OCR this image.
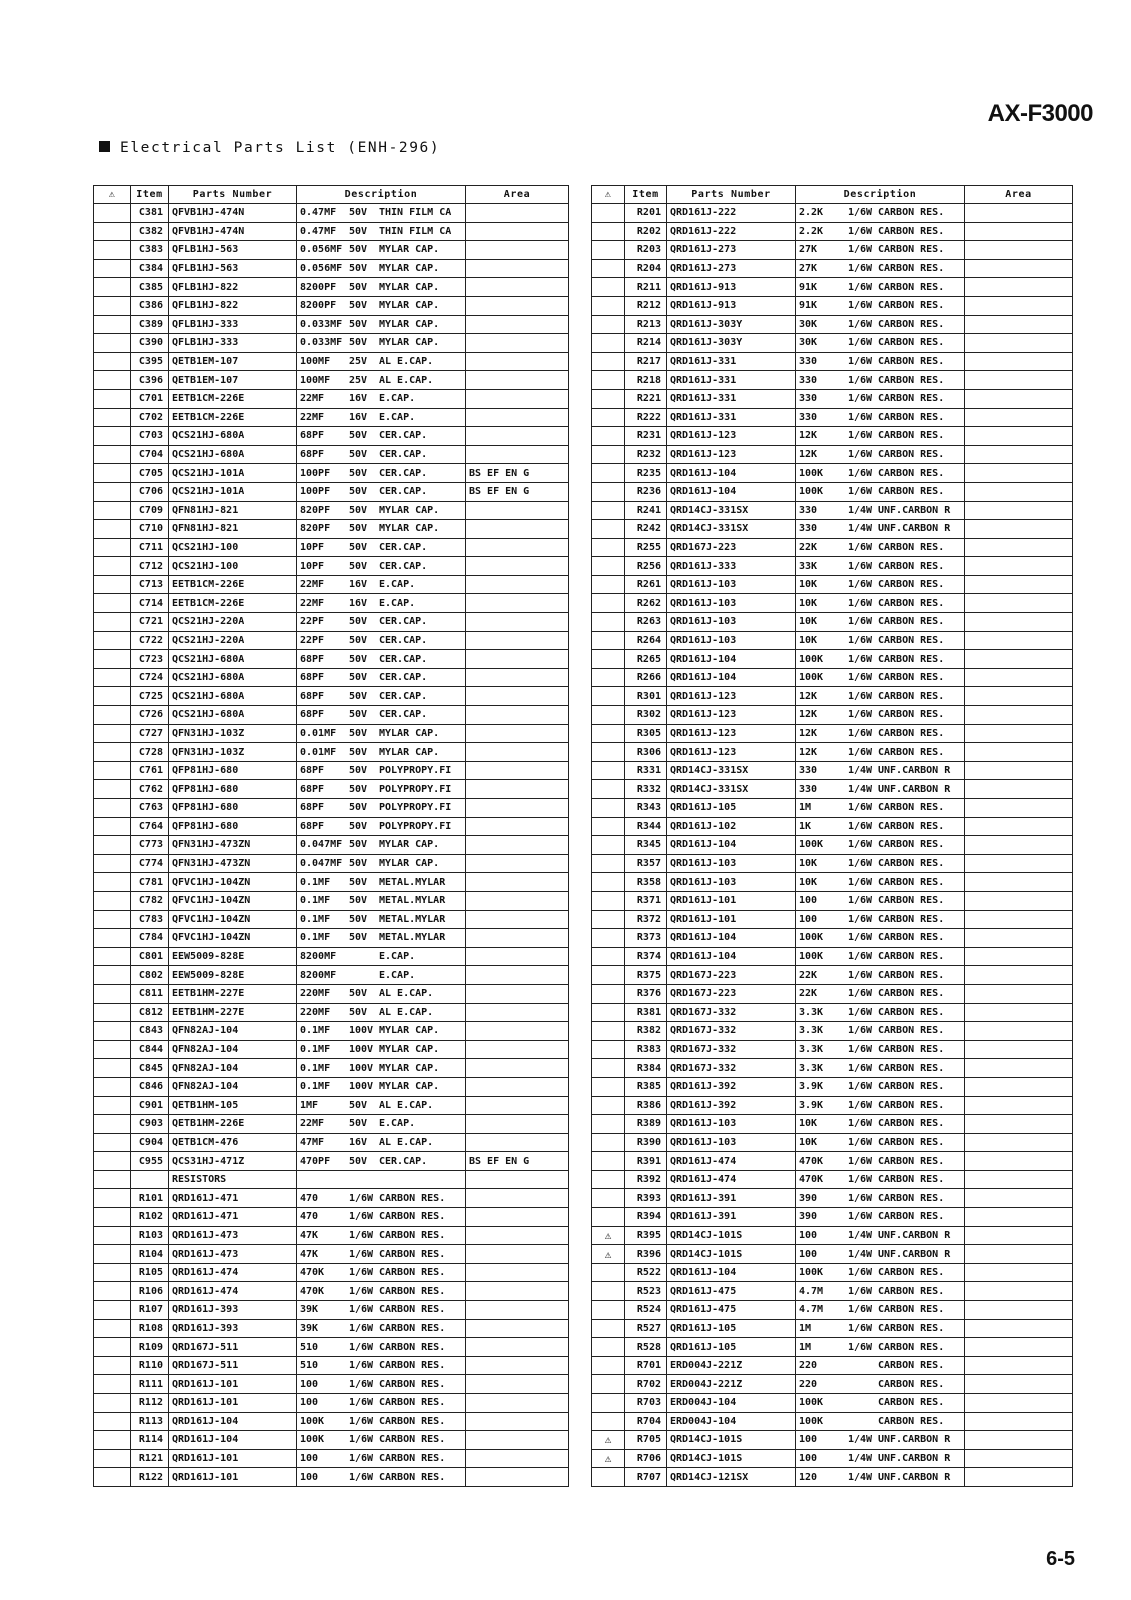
AX-F3000
Electrical Parts List (ENH-296)
⚠	Item	Parts Number	Description	Area
	C381	QFVB1HJ-474N	0.47MF 50V THIN FILM CA	
	C382	QFVB1HJ-474N	0.47MF 50V THIN FILM CA	
	C383	QFLB1HJ-563	0.056MF 50V MYLAR CAP.	
	C384	QFLB1HJ-563	0.056MF 50V MYLAR CAP.	
	C385	QFLB1HJ-822	8200PF 50V MYLAR CAP.	
	C386	QFLB1HJ-822	8200PF 50V MYLAR CAP.	
	C389	QFLB1HJ-333	0.033MF 50V MYLAR CAP.	
	C390	QFLB1HJ-333	0.033MF 50V MYLAR CAP.	
	C395	QETB1EM-107	100MF 25V AL E.CAP.	
	C396	QETB1EM-107	100MF 25V AL E.CAP.	
	C701	EETB1CM-226E	22MF 16V E.CAP.	
	C702	EETB1CM-226E	22MF 16V E.CAP.	
	C703	QCS21HJ-680A	68PF 50V CER.CAP.	
	C704	QCS21HJ-680A	68PF 50V CER.CAP.	
	C705	QCS21HJ-101A	100PF 50V CER.CAP.	BS EF EN G
	C706	QCS21HJ-101A	100PF 50V CER.CAP.	BS EF EN G
	C709	QFN81HJ-821	820PF 50V MYLAR CAP.	
	C710	QFN81HJ-821	820PF 50V MYLAR CAP.	
	C711	QCS21HJ-100	10PF 50V CER.CAP.	
	C712	QCS21HJ-100	10PF 50V CER.CAP.	
	C713	EETB1CM-226E	22MF 16V E.CAP.	
	C714	EETB1CM-226E	22MF 16V E.CAP.	
	C721	QCS21HJ-220A	22PF 50V CER.CAP.	
	C722	QCS21HJ-220A	22PF 50V CER.CAP.	
	C723	QCS21HJ-680A	68PF 50V CER.CAP.	
	C724	QCS21HJ-680A	68PF 50V CER.CAP.	
	C725	QCS21HJ-680A	68PF 50V CER.CAP.	
	C726	QCS21HJ-680A	68PF 50V CER.CAP.	
	C727	QFN31HJ-103Z	0.01MF 50V MYLAR CAP.	
	C728	QFN31HJ-103Z	0.01MF 50V MYLAR CAP.	
	C761	QFP81HJ-680	68PF 50V POLYPROPY.FI	
	C762	QFP81HJ-680	68PF 50V POLYPROPY.FI	
	C763	QFP81HJ-680	68PF 50V POLYPROPY.FI	
	C764	QFP81HJ-680	68PF 50V POLYPROPY.FI	
	C773	QFN31HJ-473ZN	0.047MF 50V MYLAR CAP.	
	C774	QFN31HJ-473ZN	0.047MF 50V MYLAR CAP.	
	C781	QFVC1HJ-104ZN	0.1MF 50V METAL.MYLAR	
	C782	QFVC1HJ-104ZN	0.1MF 50V METAL.MYLAR	
	C783	QFVC1HJ-104ZN	0.1MF 50V METAL.MYLAR	
	C784	QFVC1HJ-104ZN	0.1MF 50V METAL.MYLAR	
	C801	EEW5009-828E	8200MF E.CAP.	
	C802	EEW5009-828E	8200MF E.CAP.	
	C811	EETB1HM-227E	220MF 50V AL E.CAP.	
	C812	EETB1HM-227E	220MF 50V AL E.CAP.	
	C843	QFN82AJ-104	0.1MF 100V MYLAR CAP.	
	C844	QFN82AJ-104	0.1MF 100V MYLAR CAP.	
	C845	QFN82AJ-104	0.1MF 100V MYLAR CAP.	
	C846	QFN82AJ-104	0.1MF 100V MYLAR CAP.	
	C901	QETB1HM-105	1MF 50V AL E.CAP.	
	C903	QETB1HM-226E	22MF 50V E.CAP.	
	C904	QETB1CM-476	47MF 16V AL E.CAP.	
	C955	QCS31HJ-471Z	470PF 50V CER.CAP.	BS EF EN G
		RESISTORS		
	R101	QRD161J-471	470 1/6W CARBON RES.	
	R102	QRD161J-471	470 1/6W CARBON RES.	
	R103	QRD161J-473	47K 1/6W CARBON RES.	
	R104	QRD161J-473	47K 1/6W CARBON RES.	
	R105	QRD161J-474	470K 1/6W CARBON RES.	
	R106	QRD161J-474	470K 1/6W CARBON RES.	
	R107	QRD161J-393	39K 1/6W CARBON RES.	
	R108	QRD161J-393	39K 1/6W CARBON RES.	
	R109	QRD167J-511	510 1/6W CARBON RES.	
	R110	QRD167J-511	510 1/6W CARBON RES.	
	R111	QRD161J-101	100 1/6W CARBON RES.	
	R112	QRD161J-101	100 1/6W CARBON RES.	
	R113	QRD161J-104	100K 1/6W CARBON RES.	
	R114	QRD161J-104	100K 1/6W CARBON RES.	
	R121	QRD161J-101	100 1/6W CARBON RES.	
	R122	QRD161J-101	100 1/6W CARBON RES.	
⚠	Item	Parts Number	Description	Area
	R201	QRD161J-222	2.2K 1/6W CARBON RES.	
	R202	QRD161J-222	2.2K 1/6W CARBON RES.	
	R203	QRD161J-273	27K 1/6W CARBON RES.	
	R204	QRD161J-273	27K 1/6W CARBON RES.	
	R211	QRD161J-913	91K 1/6W CARBON RES.	
	R212	QRD161J-913	91K 1/6W CARBON RES.	
	R213	QRD161J-303Y	30K 1/6W CARBON RES.	
	R214	QRD161J-303Y	30K 1/6W CARBON RES.	
	R217	QRD161J-331	330 1/6W CARBON RES.	
	R218	QRD161J-331	330 1/6W CARBON RES.	
	R221	QRD161J-331	330 1/6W CARBON RES.	
	R222	QRD161J-331	330 1/6W CARBON RES.	
	R231	QRD161J-123	12K 1/6W CARBON RES.	
	R232	QRD161J-123	12K 1/6W CARBON RES.	
	R235	QRD161J-104	100K 1/6W CARBON RES.	
	R236	QRD161J-104	100K 1/6W CARBON RES.	
	R241	QRD14CJ-331SX	330 1/4W UNF.CARBON R	
	R242	QRD14CJ-331SX	330 1/4W UNF.CARBON R	
	R255	QRD167J-223	22K 1/6W CARBON RES.	
	R256	QRD161J-333	33K 1/6W CARBON RES.	
	R261	QRD161J-103	10K 1/6W CARBON RES.	
	R262	QRD161J-103	10K 1/6W CARBON RES.	
	R263	QRD161J-103	10K 1/6W CARBON RES.	
	R264	QRD161J-103	10K 1/6W CARBON RES.	
	R265	QRD161J-104	100K 1/6W CARBON RES.	
	R266	QRD161J-104	100K 1/6W CARBON RES.	
	R301	QRD161J-123	12K 1/6W CARBON RES.	
	R302	QRD161J-123	12K 1/6W CARBON RES.	
	R305	QRD161J-123	12K 1/6W CARBON RES.	
	R306	QRD161J-123	12K 1/6W CARBON RES.	
	R331	QRD14CJ-331SX	330 1/4W UNF.CARBON R	
	R332	QRD14CJ-331SX	330 1/4W UNF.CARBON R	
	R343	QRD161J-105	1M 1/6W CARBON RES.	
	R344	QRD161J-102	1K 1/6W CARBON RES.	
	R345	QRD161J-104	100K 1/6W CARBON RES.	
	R357	QRD161J-103	10K 1/6W CARBON RES.	
	R358	QRD161J-103	10K 1/6W CARBON RES.	
	R371	QRD161J-101	100 1/6W CARBON RES.	
	R372	QRD161J-101	100 1/6W CARBON RES.	
	R373	QRD161J-104	100K 1/6W CARBON RES.	
	R374	QRD161J-104	100K 1/6W CARBON RES.	
	R375	QRD167J-223	22K 1/6W CARBON RES.	
	R376	QRD167J-223	22K 1/6W CARBON RES.	
	R381	QRD167J-332	3.3K 1/6W CARBON RES.	
	R382	QRD167J-332	3.3K 1/6W CARBON RES.	
	R383	QRD167J-332	3.3K 1/6W CARBON RES.	
	R384	QRD167J-332	3.3K 1/6W CARBON RES.	
	R385	QRD161J-392	3.9K 1/6W CARBON RES.	
	R386	QRD161J-392	3.9K 1/6W CARBON RES.	
	R389	QRD161J-103	10K 1/6W CARBON RES.	
	R390	QRD161J-103	10K 1/6W CARBON RES.	
	R391	QRD161J-474	470K 1/6W CARBON RES.	
	R392	QRD161J-474	470K 1/6W CARBON RES.	
	R393	QRD161J-391	390 1/6W CARBON RES.	
	R394	QRD161J-391	390 1/6W CARBON RES.	
⚠	R395	QRD14CJ-101S	100 1/4W UNF.CARBON R	
⚠	R396	QRD14CJ-101S	100 1/4W UNF.CARBON R	
	R522	QRD161J-104	100K 1/6W CARBON RES.	
	R523	QRD161J-475	4.7M 1/6W CARBON RES.	
	R524	QRD161J-475	4.7M 1/6W CARBON RES.	
	R527	QRD161J-105	1M 1/6W CARBON RES.	
	R528	QRD161J-105	1M 1/6W CARBON RES.	
	R701	ERD004J-221Z	220 CARBON RES.	
	R702	ERD004J-221Z	220 CARBON RES.	
	R703	ERD004J-104	100K CARBON RES.	
	R704	ERD004J-104	100K CARBON RES.	
⚠	R705	QRD14CJ-101S	100 1/4W UNF.CARBON R	
⚠	R706	QRD14CJ-101S	100 1/4W UNF.CARBON R	
	R707	QRD14CJ-121SX	120 1/4W UNF.CARBON R	
6-5
